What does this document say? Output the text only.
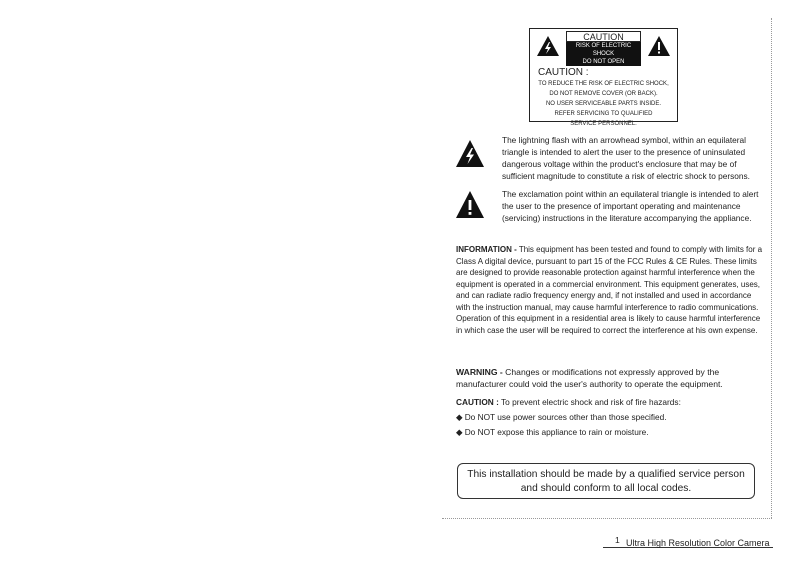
CAUTION
RISK OF ELECTRIC SHOCK
DO NOT OPEN
CAUTION :
TO REDUCE THE RISK OF ELECTRIC SHOCK,
DO NOT REMOVE COVER (OR BACK).
NO USER SERVICEABLE PARTS INSIDE.
REFER SERVICING TO QUALIFIED
SERVICE PERSONNEL.
The lightning flash with an arrowhead symbol, within an equilateral triangle is intended to alert the user to the presence of uninsulated dangerous voltage within the product's enclosure that may be of sufficient magnitude to constitute a risk of electric shock to persons.
The exclamation point within an equilateral triangle is intended to alert the user to the presence of important operating and maintenance (servicing) instructions in the literature accompanying the appliance.
INFORMATION - This equipment has been tested and found to comply with limits for a Class A digital device, pursuant to part 15 of the FCC Rules & CE Rules. These limits are designed to provide reasonable protection against harmful interference when the equipment is operated in a commercial environment. This equipment generates, uses, and can radiate radio frequency energy and, if not installed and used in accordance with the instruction manual, may cause harmful interference to radio communications.
Operation of this equipment in a residential area is likely to cause harmful interference in which case the user will be required to correct the interference at his own expense.
WARNING - Changes or modifications not expressly approved by the manufacturer could void the user's authority to operate the equipment.
CAUTION : To prevent electric shock and risk of fire hazards:
◆ Do NOT use power sources other than those specified.
◆ Do NOT expose this appliance to rain or moisture.
This installation should be made by a qualified service person and should conform to all local codes.
1 Ultra High Resolution Color Camera
